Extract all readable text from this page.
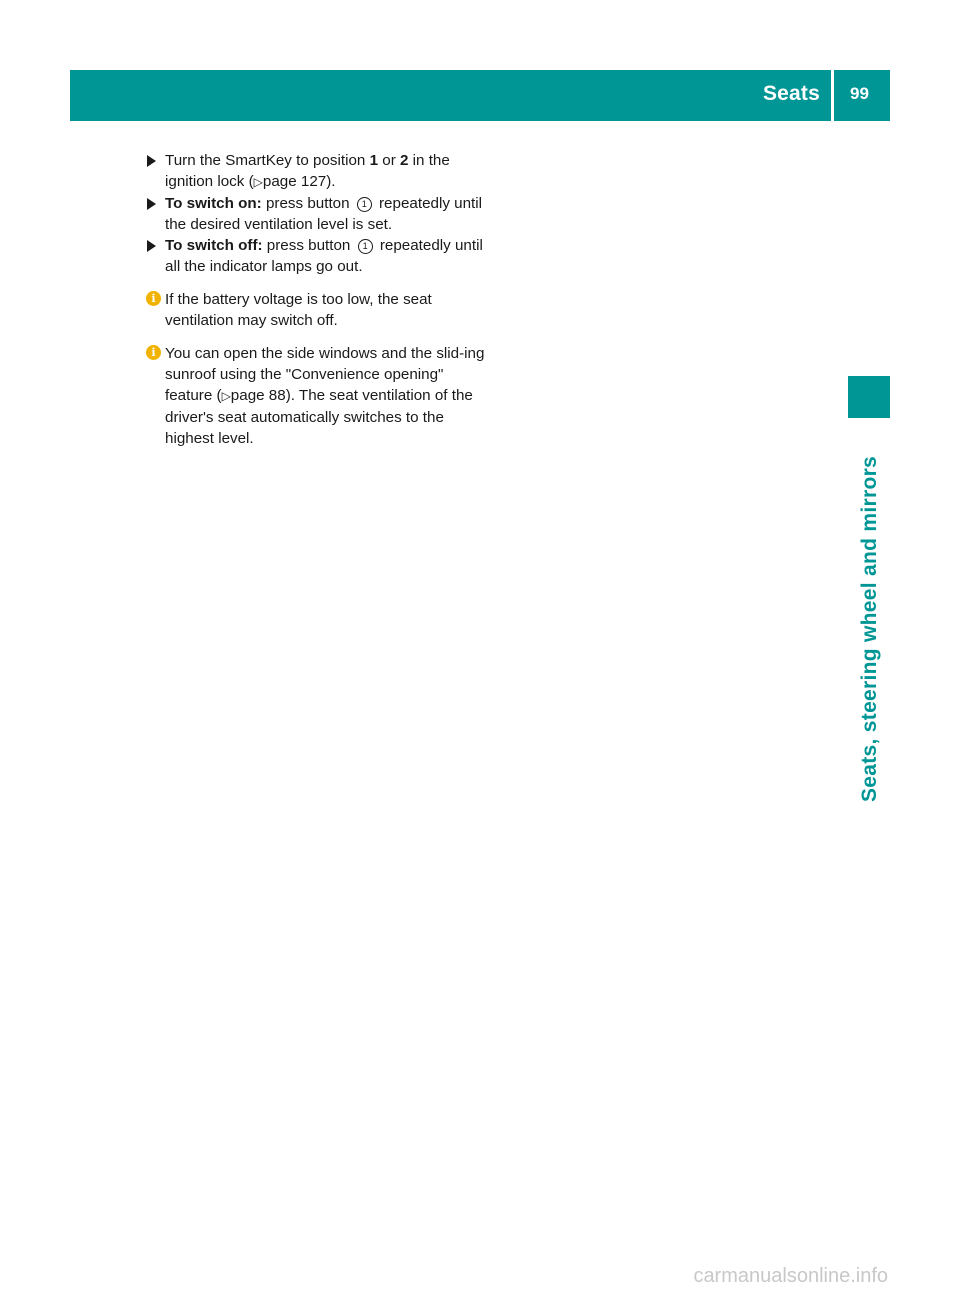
Seats 99
Seats, steering wheel and mirrors
Turn the SmartKey to position 1 or 2 in the ignition lock (▷page 127).
To switch on: press button 1 repeatedly until the desired ventilation level is set.
To switch off: press button 1 repeatedly until all the indicator lamps go out.
i If the battery voltage is too low, the seat ventilation may switch off.
i You can open the side windows and the slid-ing sunroof using the "Convenience opening" feature (▷page 88). The seat ventilation of the driver's seat automatically switches to the highest level.
carmanualsonline.info
